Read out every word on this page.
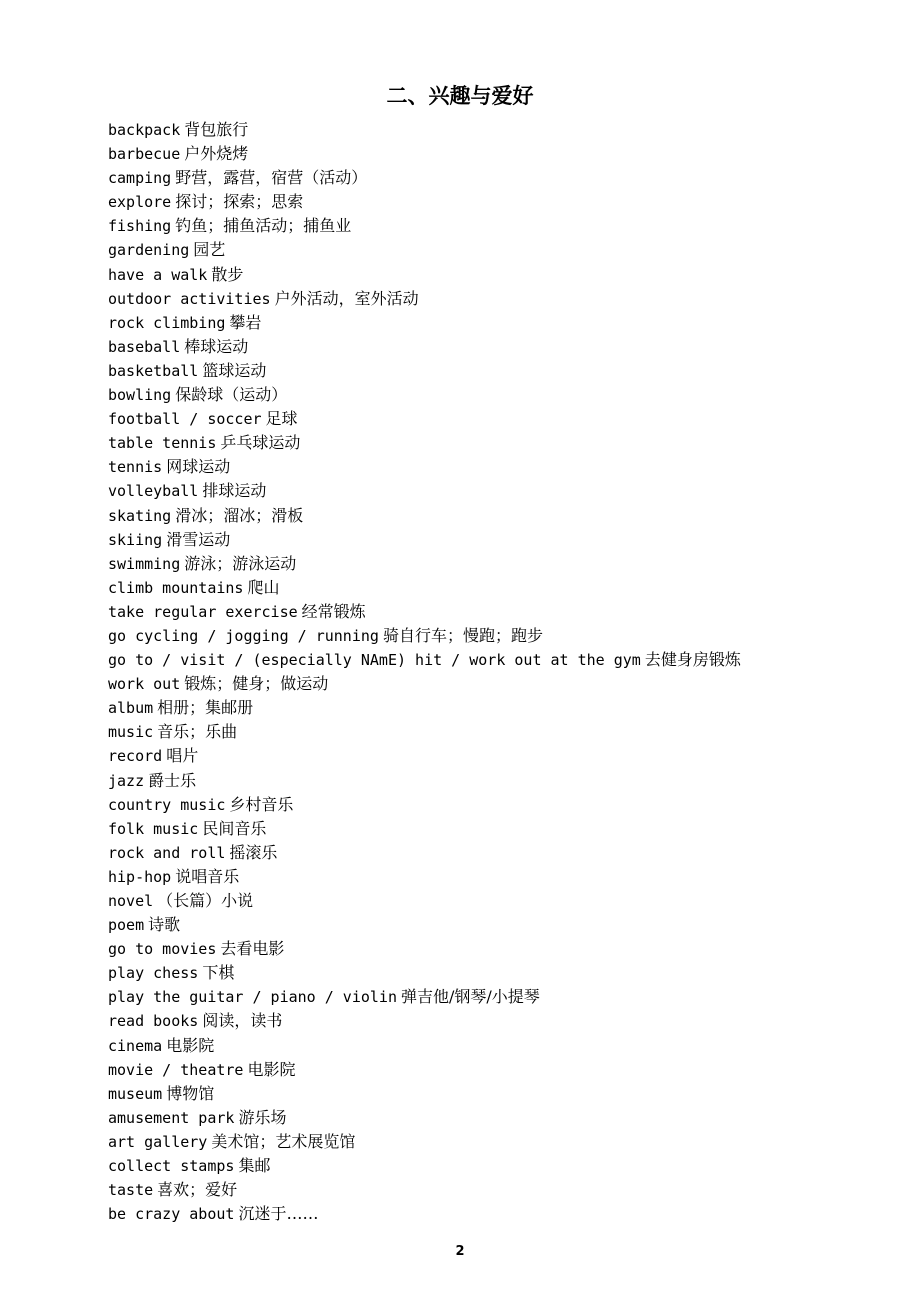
二、兴趣与爱好
backpack 背包旅行
barbecue 户外烧烤
camping 野营，露营，宿营（活动）
explore 探讨；探索；思索
fishing 钓鱼；捕鱼活动；捕鱼业
gardening 园艺
have a walk 散步
outdoor activities 户外活动，室外活动
rock climbing 攀岩
baseball 棒球运动
basketball 篮球运动
bowling 保龄球（运动）
football / soccer 足球
table tennis 乒乓球运动
tennis 网球运动
volleyball 排球运动
skating 滑冰；溜冰；滑板
skiing 滑雪运动
swimming 游泳；游泳运动
climb mountains 爬山
take regular exercise 经常锻炼
go cycling / jogging / running 骑自行车；慢跑；跑步
go to / visit / (especially NAmE) hit / work out at the gym 去健身房锻炼
work out 锻炼；健身；做运动
album 相册；集邮册
music 音乐；乐曲
record 唱片
jazz 爵士乐
country music 乡村音乐
folk music 民间音乐
rock and roll 摇滚乐
hip-hop 说唱音乐
novel （长篇）小说
poem 诗歌
go to movies 去看电影
play chess 下棋
play the guitar / piano / violin 弹吉他/钢琴/小提琴
read books 阅读，读书
cinema 电影院
movie / theatre 电影院
museum 博物馆
amusement park 游乐场
art gallery 美术馆；艺术展览馆
collect stamps 集邮
taste 喜欢；爱好
be crazy about 沉迷于……
2
